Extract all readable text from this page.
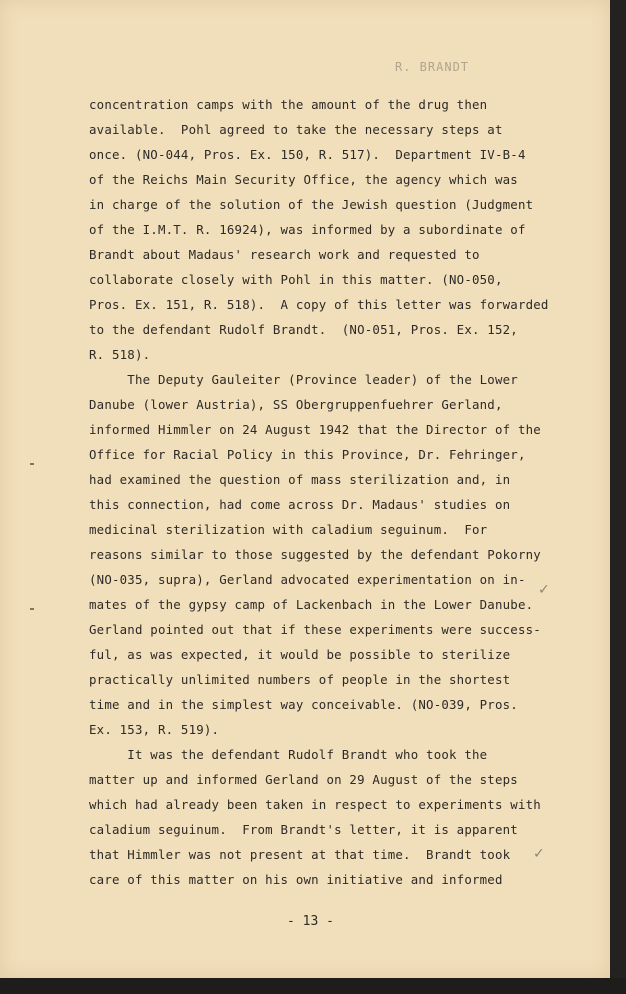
R. BRANDT
concentration camps with the amount of the drug then
available.  Pohl agreed to take the necessary steps at
once. (NO-044, Pros. Ex. 150, R. 517).  Department IV-B-4
of the Reichs Main Security Office, the agency which was
in charge of the solution of the Jewish question (Judgment
of the I.M.T. R. 16924), was informed by a subordinate of
Brandt about Madaus' research work and requested to
collaborate closely with Pohl in this matter. (NO-050,
Pros. Ex. 151, R. 518).  A copy of this letter was forwarded
to the defendant Rudolf Brandt.  (NO-051, Pros. Ex. 152,
R. 518).
The Deputy Gauleiter (Province leader) of the Lower
Danube (lower Austria), SS Obergruppenfuehrer Gerland,
informed Himmler on 24 August 1942 that the Director of the
Office for Racial Policy in this Province, Dr. Fehringer,
had examined the question of mass sterilization and, in
this connection, had come across Dr. Madaus' studies on
medicinal sterilization with caladium seguinum.  For
reasons similar to those suggested by the defendant Pokorny
(NO-035, supra), Gerland advocated experimentation on in-
mates of the gypsy camp of Lackenbach in the Lower Danube.
Gerland pointed out that if these experiments were success-
ful, as was expected, it would be possible to sterilize
practically unlimited numbers of people in the shortest
time and in the simplest way conceivable. (NO-039, Pros.
Ex. 153, R. 519).
It was the defendant Rudolf Brandt who took the
matter up and informed Gerland on 29 August of the steps
which had already been taken in respect to experiments with
caladium seguinum.  From Brandt's letter, it is apparent
that Himmler was not present at that time.  Brandt took
care of this matter on his own initiative and informed
✓
✓
- 13 -
